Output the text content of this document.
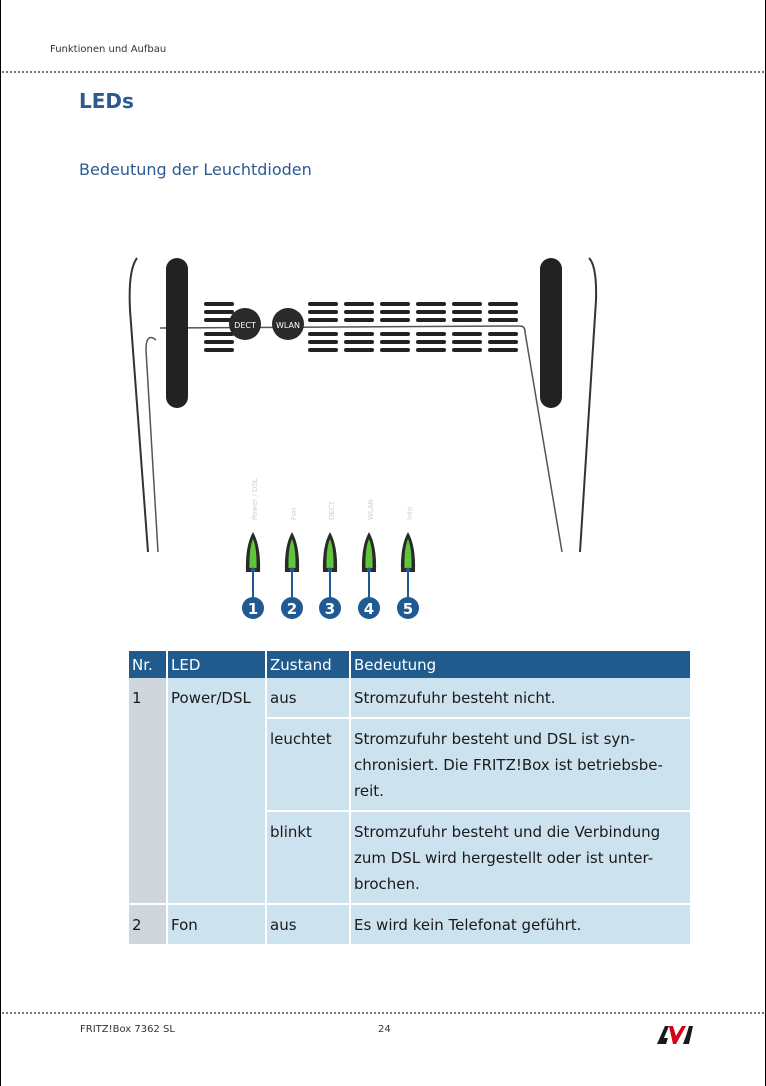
Funktionen und Aufbau
LEDs
Bedeutung der Leuchtdioden
DECT	WLAN
Power / DSL
1
Fon
2
DECT
3
WLAN
4
Info
5
Nr.	LED	Zustand	Bedeutung
1	Power/DSL	aus	Stromzufuhr besteht nicht.
		leuchtet	Stromzufuhr besteht und DSL ist syn-
chronisiert. Die FRITZ!Box ist betriebsbe-
reit.
		blinkt	Stromzufuhr besteht und die Verbindung
zum DSL wird hergestellt oder ist unter-
brochen.
2	Fon	aus	Es wird kein Telefonat geführt.
FRITZ!Box 7362 SL	24
